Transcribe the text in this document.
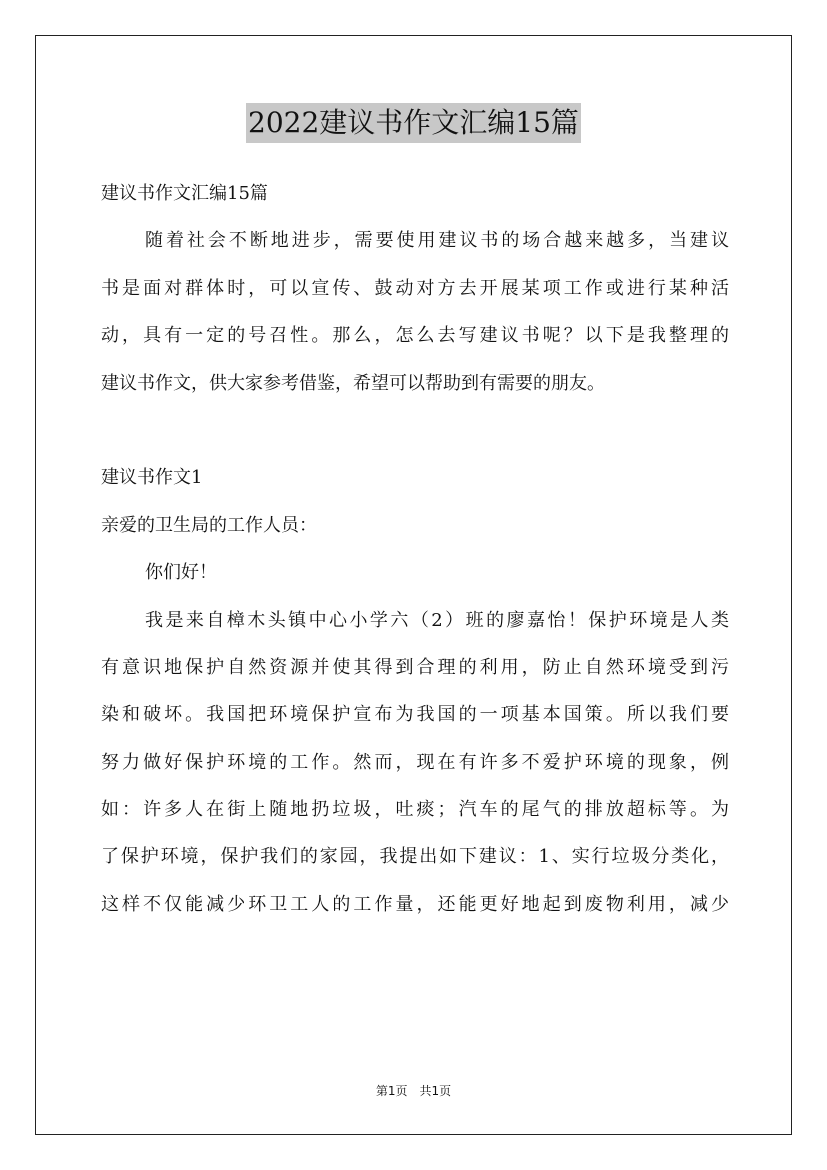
2022建议书作文汇编15篇
建议书作文汇编15篇
随着社会不断地进步，需要使用建议书的场合越来越多，当建议
书是面对群体时，可以宣传、鼓动对方去开展某项工作或进行某种活
动，具有一定的号召性。那么，怎么去写建议书呢？以下是我整理的
建议书作文，供大家参考借鉴，希望可以帮助到有需要的朋友。
建议书作文1
亲爱的卫生局的工作人员：
你们好！
我是来自樟木头镇中心小学六（2）班的廖嘉怡！保护环境是人类
有意识地保护自然资源并使其得到合理的利用，防止自然环境受到污
染和破坏。我国把环境保护宣布为我国的一项基本国策。所以我们要
努力做好保护环境的工作。然而，现在有许多不爱护环境的现象，例
如：许多人在街上随地扔垃圾，吐痰；汽车的尾气的排放超标等。为
了保护环境，保护我们的家园，我提出如下建议：1、实行垃圾分类化，
这样不仅能减少环卫工人的工作量，还能更好地起到废物利用，减少
第1页　共1页
